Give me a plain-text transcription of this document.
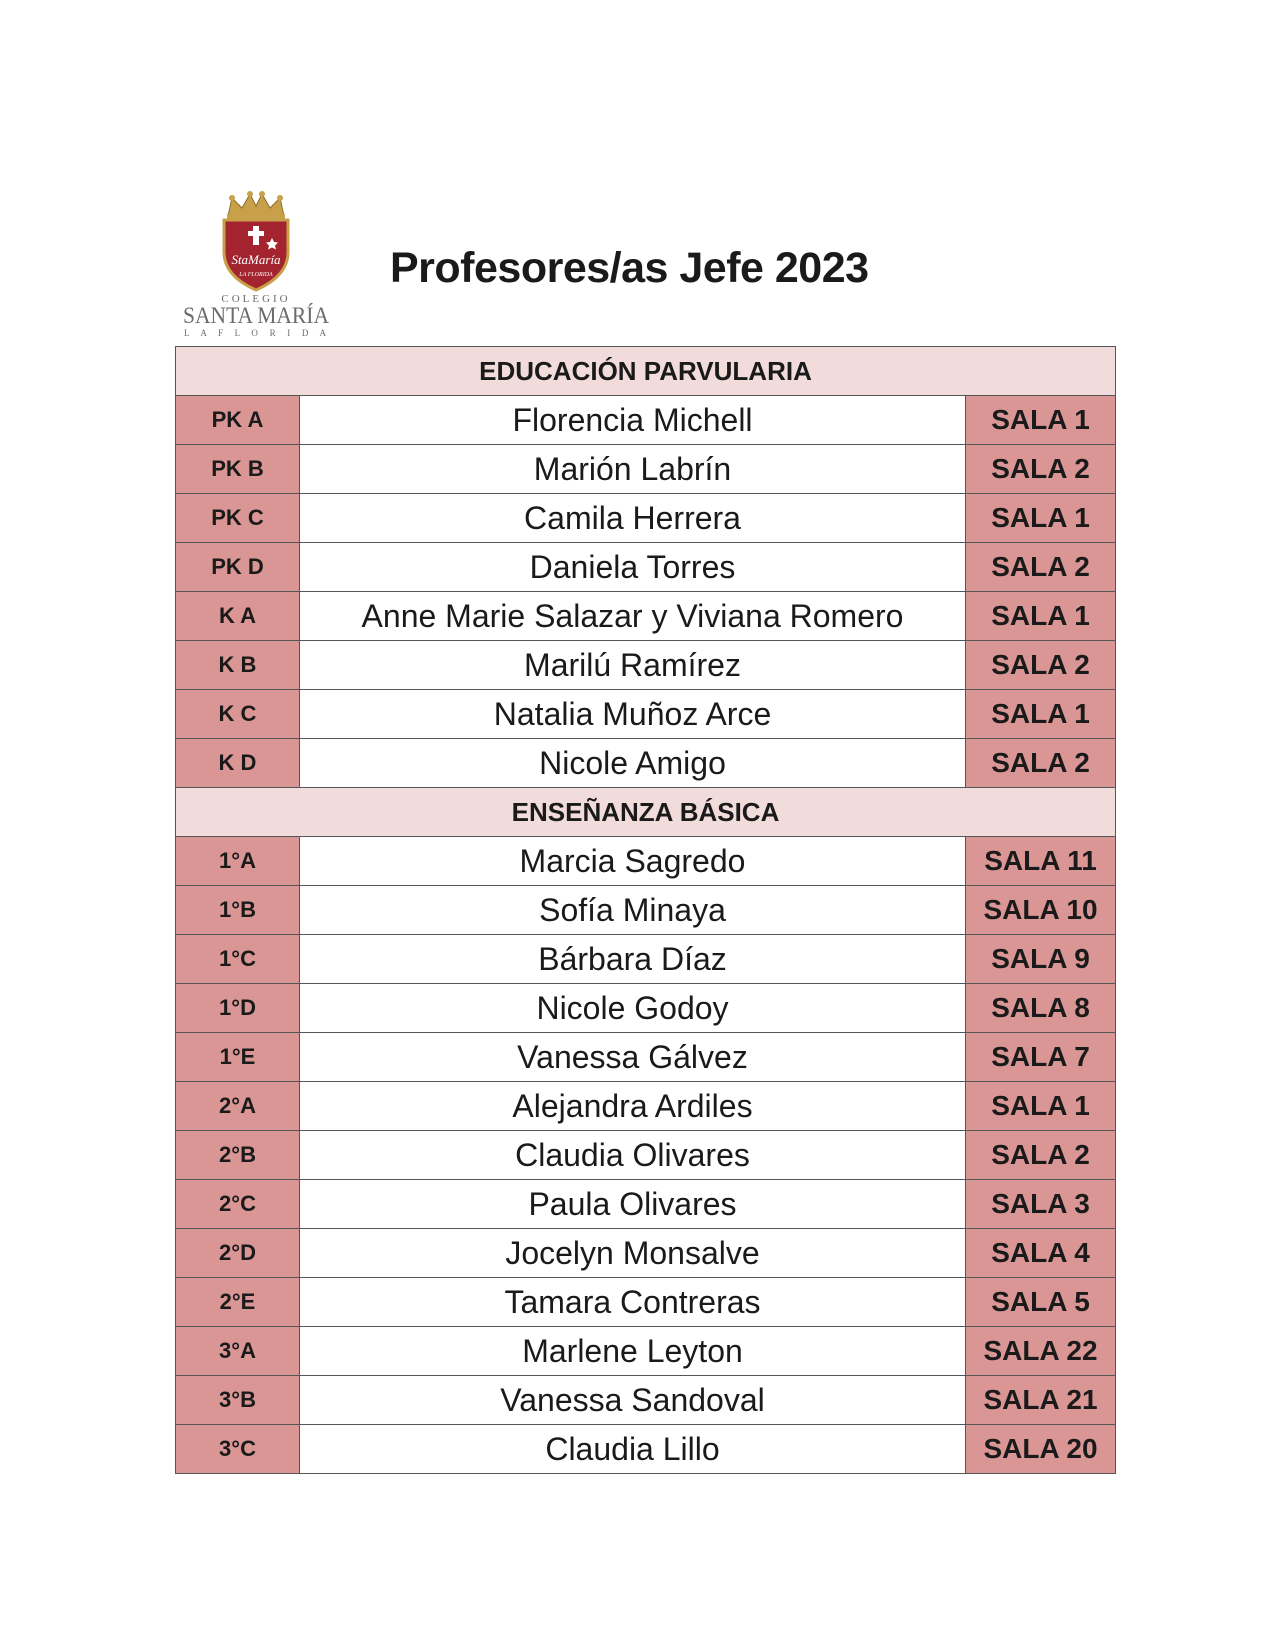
StaMaría
LA FLORIDA
COLEGIO
SANTA MARÍA
L A F L O R I D A
Profesores/as Jefe 2023
EDUCACIÓN PARVULARIA		
PK A	Florencia Michell	SALA 1
PK B	Marión Labrín	SALA 2
PK C	Camila Herrera	SALA 1
PK D	Daniela Torres	SALA 2
K A	Anne Marie Salazar y Viviana Romero	SALA 1
K B	Marilú Ramírez	SALA 2
K C	Natalia Muñoz Arce	SALA 1
K D	Nicole Amigo	SALA 2
ENSEÑANZA BÁSICA		
1°A	Marcia Sagredo	SALA 11
1°B	Sofía Minaya	SALA 10
1°C	Bárbara Díaz	SALA 9
1°D	Nicole Godoy	SALA 8
1°E	Vanessa Gálvez	SALA 7
2°A	Alejandra Ardiles	SALA 1
2°B	Claudia Olivares	SALA 2
2°C	Paula Olivares	SALA 3
2°D	Jocelyn Monsalve	SALA 4
2°E	Tamara Contreras	SALA 5
3°A	Marlene Leyton	SALA 22
3°B	Vanessa Sandoval	SALA 21
3°C	Claudia Lillo	SALA 20
